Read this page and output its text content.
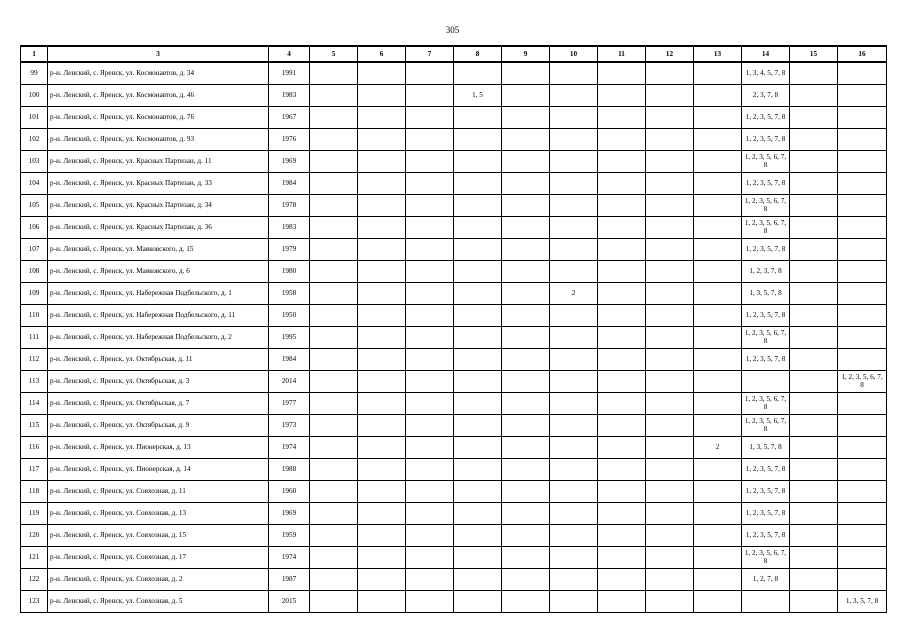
305
1	3	4	5	6	7	8	9	10	11	12	13	14	15	16
99	р-н. Ленский, с. Яренск, ул. Космонавтов, д. 34	1991										1, 3, 4, 5, 7, 8		
100	р-н. Ленский, с. Яренск, ул. Космонавтов, д. 46	1983				1, 5						2, 3, 7, 8		
101	р-н. Ленский, с. Яренск, ул. Космонавтов, д. 76	1967										1, 2, 3, 5, 7, 8		
102	р-н. Ленский, с. Яренск, ул. Космонавтов, д. 93	1976										1, 2, 3, 5, 7, 8		
103	р-н. Ленский, с. Яренск, ул. Красных Партизан, д. 11	1969										1, 2, 3, 5, 6, 7, 8		
104	р-н. Ленский, с. Яренск, ул. Красных Партизан, д. 33	1984										1, 2, 3, 5, 7, 8		
105	р-н. Ленский, с. Яренск, ул. Красных Партизан, д. 34	1978										1, 2, 3, 5, 6, 7, 8		
106	р-н. Ленский, с. Яренск, ул. Красных Партизан, д. 36	1983										1, 2, 3, 5, 6, 7, 8		
107	р-н. Ленский, с. Яренск, ул. Маяковского, д. 15	1979										1, 2, 3, 5, 7, 8		
108	р-н. Ленский, с. Яренск, ул. Маяковского, д. 6	1980										1, 2, 3, 7, 8		
109	р-н. Ленский, с. Яренск, ул. Набережная Подбельского, д. 1	1958						2				1, 3, 5, 7, 8		
110	р-н. Ленский, с. Яренск, ул. Набережная Подбельского, д. 11	1950										1, 2, 3, 5, 7, 8		
111	р-н. Ленский, с. Яренск, ул. Набережная Подбельского, д. 2	1995										1, 2, 3, 5, 6, 7, 8		
112	р-н. Ленский, с. Яренск, ул. Октябрьская, д. 11	1984										1, 2, 3, 5, 7, 8		
113	р-н. Ленский, с. Яренск, ул. Октябрьская, д. 3	2014												1, 2, 3, 5, 6, 7, 8
114	р-н. Ленский, с. Яренск, ул. Октябрьская, д. 7	1977										1, 2, 3, 5, 6, 7, 8		
115	р-н. Ленский, с. Яренск, ул. Октябрьская, д. 9	1973										1, 2, 3, 5, 6, 7, 8		
116	р-н. Ленский, с. Яренск, ул. Пионерская, д. 13	1974									2	1, 3, 5, 7, 8		
117	р-н. Ленский, с. Яренск, ул. Пионерская, д. 14	1988										1, 2, 3, 5, 7, 8		
118	р-н. Ленский, с. Яренск, ул. Совхозная, д. 11	1960										1, 2, 3, 5, 7, 8		
119	р-н. Ленский, с. Яренск, ул. Совхозная, д. 13	1969										1, 2, 3, 5, 7, 8		
120	р-н. Ленский, с. Яренск, ул. Совхозная, д. 15	1959										1, 2, 3, 5, 7, 8		
121	р-н. Ленский, с. Яренск, ул. Совхозная, д. 17	1974										1, 2, 3, 5, 6, 7, 8		
122	р-н. Ленский, с. Яренск, ул. Совхозная, д. 2	1987										1, 2, 7, 8		
123	р-н. Ленский, с. Яренск, ул. Совхозная, д. 5	2015												1, 3, 5, 7, 8
